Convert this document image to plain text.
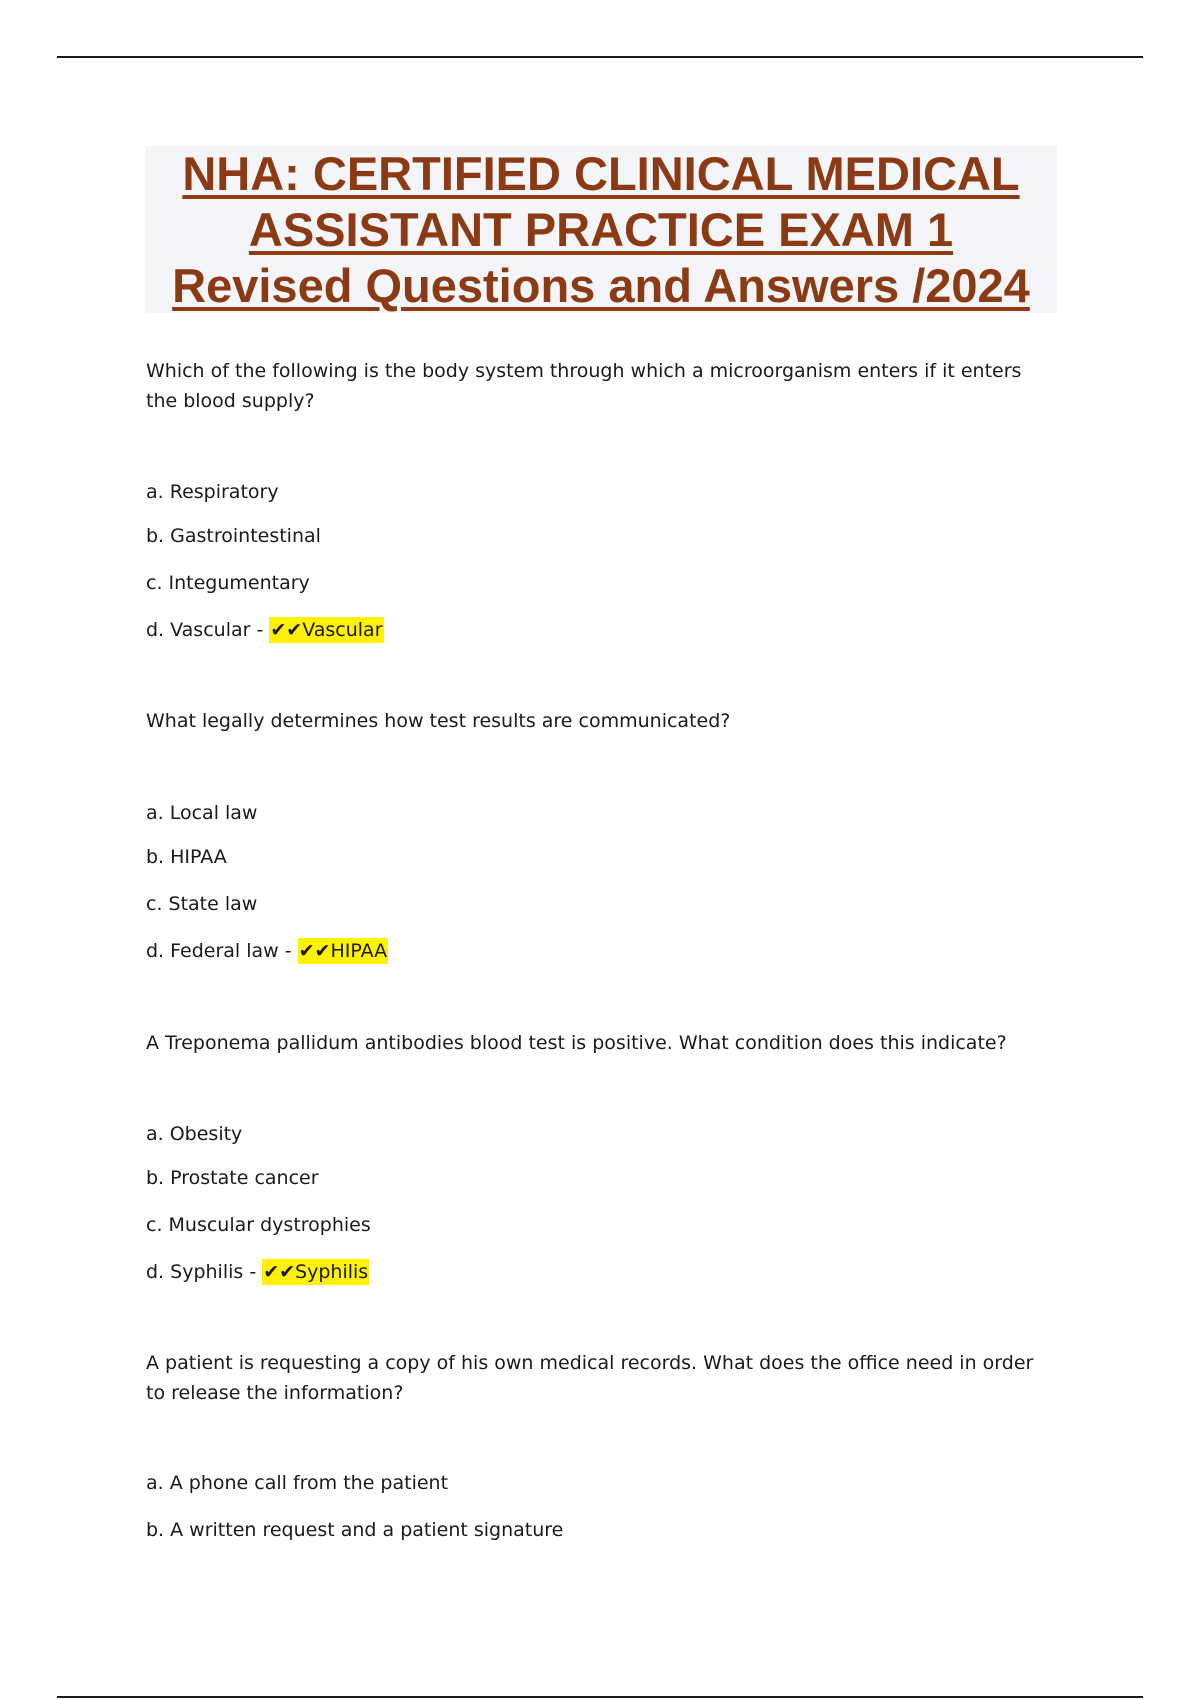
NHA: CERTIFIED CLINICAL MEDICAL
ASSISTANT PRACTICE EXAM 1
Revised Questions and Answers /2024
Which of the following is the body system through which a microorganism enters if it enters the blood supply?
a. Respiratory
b. Gastrointestinal
c. Integumentary
d. Vascular - ✔✔Vascular
What legally determines how test results are communicated?
a. Local law
b. HIPAA
c. State law
d. Federal law - ✔✔HIPAA
A Treponema pallidum antibodies blood test is positive. What condition does this indicate?
a. Obesity
b. Prostate cancer
c. Muscular dystrophies
d. Syphilis - ✔✔Syphilis
A patient is requesting a copy of his own medical records. What does the office need in order to release the information?
a. A phone call from the patient
b. A written request and a patient signature
